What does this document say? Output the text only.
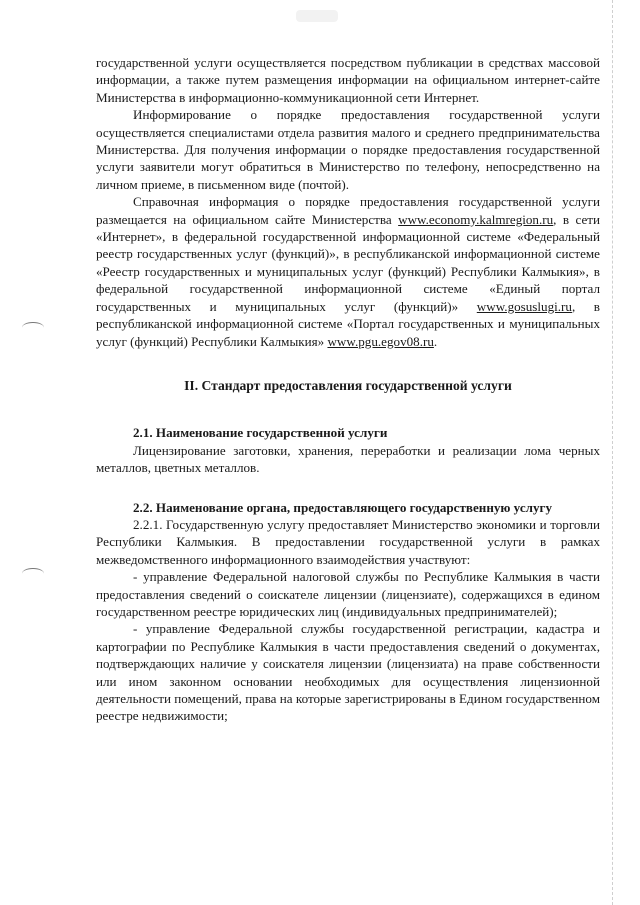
государственной услуги осуществляется посредством публикации в средствах массовой информации, а также путем размещения информации на официальном интернет-сайте Министерства в информационно-коммуникационной сети Интернет.

Информирование о порядке предоставления государственной услуги осуществляется специалистами отдела развития малого и среднего предпринимательства Министерства. Для получения информации о порядке предоставления государственной услуги заявители могут обратиться в Министерство по телефону, непосредственно на личном приеме, в письменном виде (почтой).

Справочная информация о порядке предоставления государственной услуги размещается на официальном сайте Министерства www.economy.kalmregion.ru, в сети «Интернет», в федеральной государственной информационной системе «Федеральный реестр государственных услуг (функций)», в республиканской информационной системе «Реестр государственных и муниципальных услуг (функций) Республики Калмыкия», в федеральной государственной информационной системе «Единый портал государственных и муниципальных услуг (функций)» www.gosuslugi.ru, в республиканской информационной системе «Портал государственных и муниципальных услуг (функций) Республики Калмыкия» www.pgu.egov08.ru.

II. Стандарт предоставления государственной услуги

2.1. Наименование государственной услуги

Лицензирование заготовки, хранения, переработки и реализации лома черных металлов, цветных металлов.

2.2. Наименование органа, предоставляющего государственную услугу

2.2.1. Государственную услугу предоставляет Министерство экономики и торговли Республики Калмыкия. В предоставлении государственной услуги в рамках межведомственного информационного взаимодействия участвуют:

- управление Федеральной налоговой службы по Республике Калмыкия в части предоставления сведений о соискателе лицензии (лицензиате), содержащихся в едином государственном реестре юридических лиц (индивидуальных предпринимателей);

- управление Федеральной службы государственной регистрации, кадастра и картографии по Республике Калмыкия в части предоставления сведений о документах, подтверждающих наличие у соискателя лицензии (лицензиата) на праве собственности или ином законном основании необходимых для осуществления лицензионной деятельности помещений, права на которые зарегистрированы в Едином государственном реестре недвижимости;
